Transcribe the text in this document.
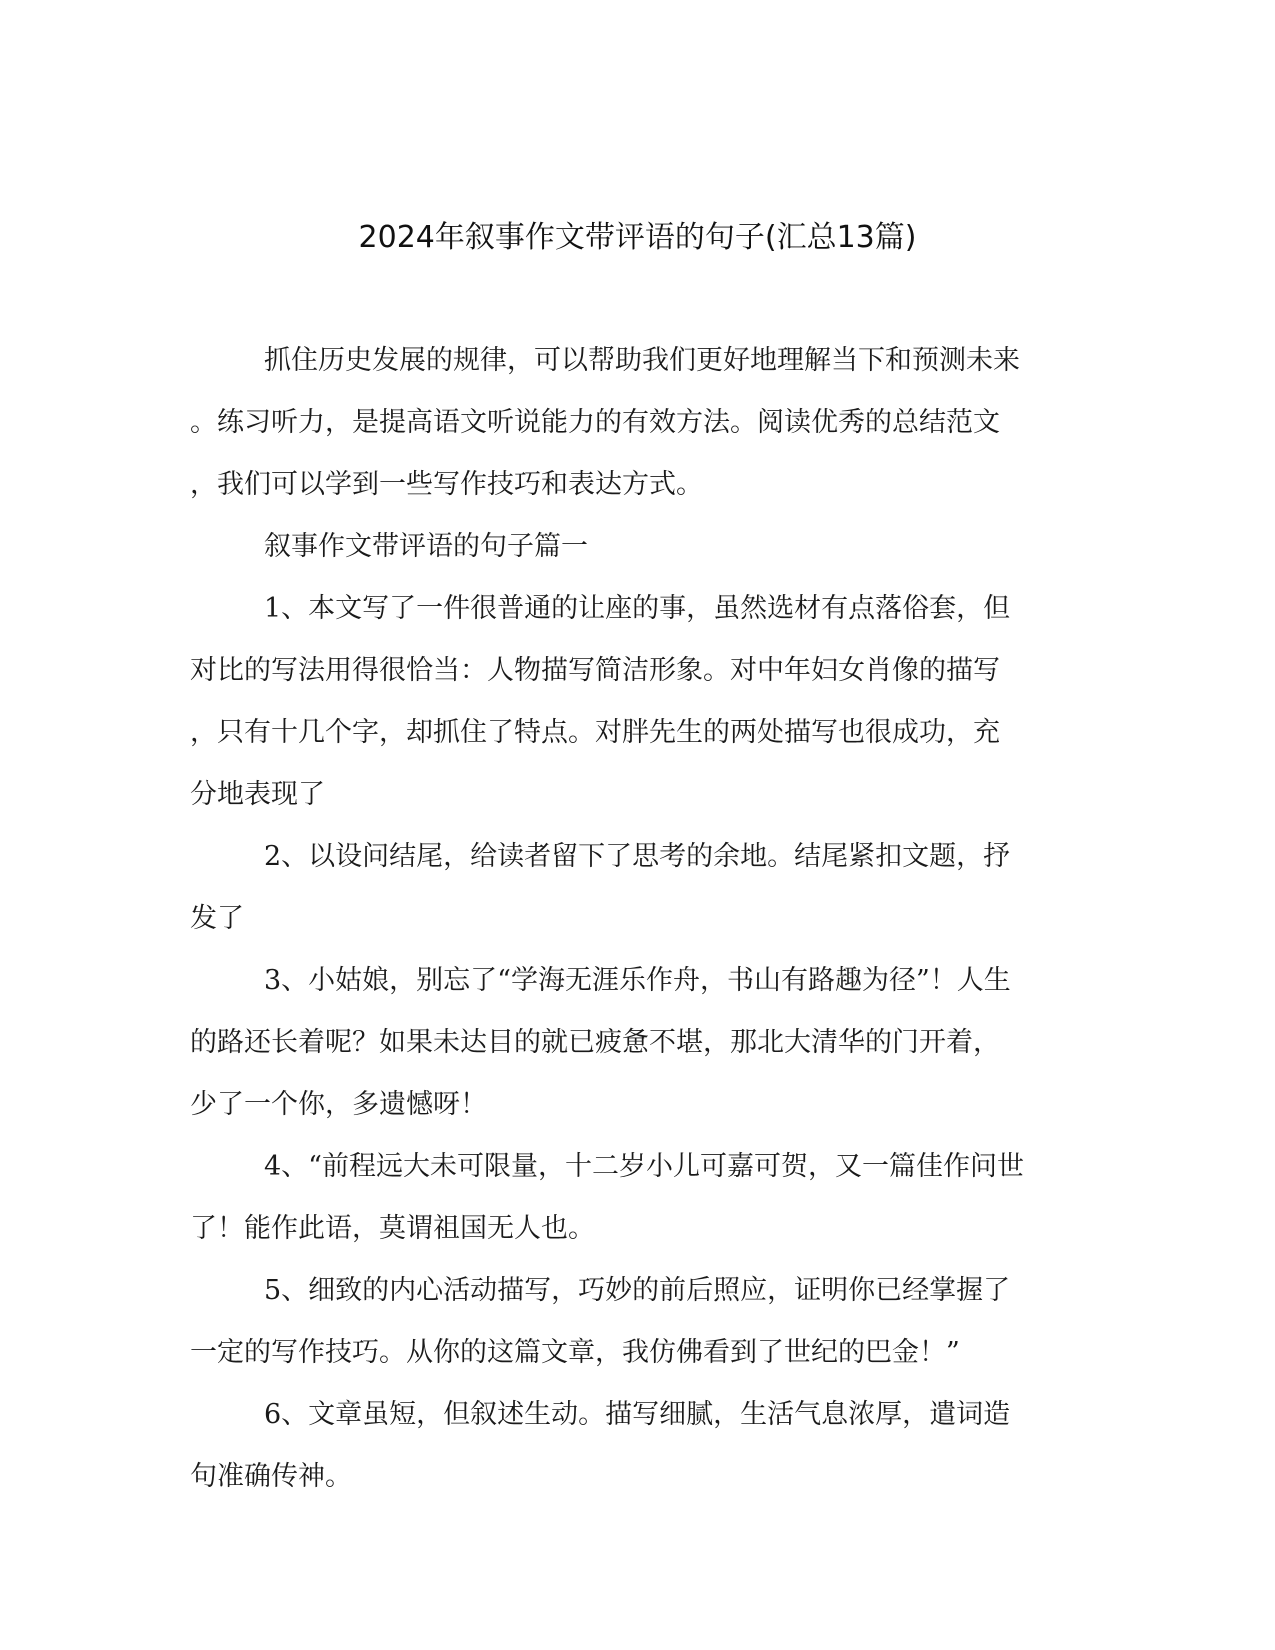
2024年叙事作文带评语的句子(汇总13篇)
抓住历史发展的规律，可以帮助我们更好地理解当下和预测未来
。练习听力，是提高语文听说能力的有效方法。阅读优秀的总结范文
，我们可以学到一些写作技巧和表达方式。
叙事作文带评语的句子篇一
1、本文写了一件很普通的让座的事，虽然选材有点落俗套，但
对比的写法用得很恰当：人物描写简洁形象。对中年妇女肖像的描写
，只有十几个字，却抓住了特点。对胖先生的两处描写也很成功，充
分地表现了
2、以设问结尾，给读者留下了思考的余地。结尾紧扣文题，抒
发了
3、小姑娘，别忘了“学海无涯乐作舟，书山有路趣为径”！人生
的路还长着呢？如果未达目的就已疲惫不堪，那北大清华的门开着，
少了一个你，多遗憾呀！
4、“前程远大未可限量，十二岁小儿可嘉可贺，又一篇佳作问世
了！能作此语，莫谓祖国无人也。
5、细致的内心活动描写，巧妙的前后照应，证明你已经掌握了
一定的写作技巧。从你的这篇文章，我仿佛看到了世纪的巴金！”
6、文章虽短，但叙述生动。描写细腻，生活气息浓厚，遣词造
句准确传神。
